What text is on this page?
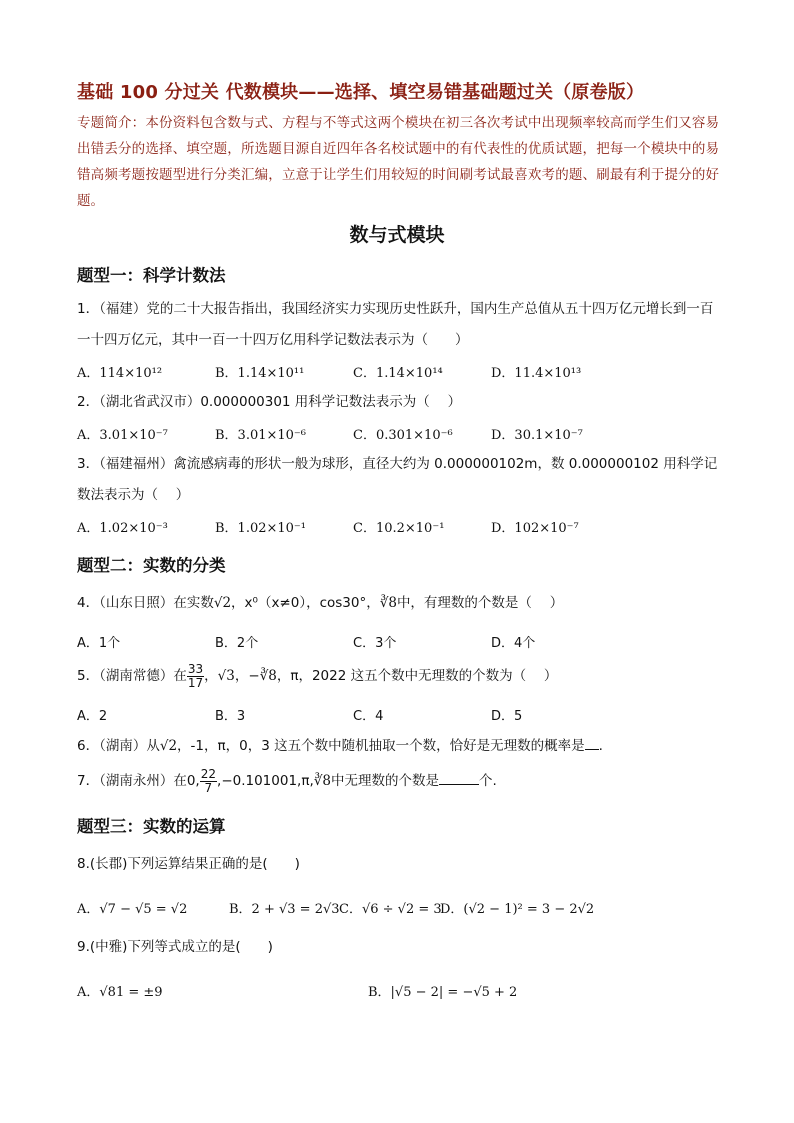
基础 100 分过关 代数模块——选择、填空易错基础题过关（原卷版）
专题简介：本份资料包含数与式、方程与不等式这两个模块在初三各次考试中出现频率较高而学生们又容易出错丢分的选择、填空题，所选题目源自近四年各名校试题中的有代表性的优质试题，把每一个模块中的易错高频考题按题型进行分类汇编，立意于让学生们用较短的时间刷考试最喜欢考的题、刷最有利于提分的好题。
数与式模块
题型一：科学计数法
1．（福建）党的二十大报告指出，我国经济实力实现历史性跃升，国内生产总值从五十四万亿元增长到一百一十四万亿元，其中一百一十四万亿用科学记数法表示为（　　）
A．114×10¹²	B．1.14×10¹¹	C．1.14×10¹⁴	D．11.4×10¹³
2．（湖北省武汉市）0.000000301 用科学记数法表示为（　 ）
A．3.01×10⁻⁷	B．3.01×10⁻⁶	C．0.301×10⁻⁶	D．30.1×10⁻⁷
3．（福建福州）禽流感病毒的形状一般为球形，直径大约为 0.000000102m，数 0.000000102 用科学记数法表示为（　 ）
A．1.02×10⁻³	B．1.02×10⁻¹	C．10.2×10⁻¹	D．102×10⁻⁷
题型二：实数的分类
4．（山东日照）在实数√2，x⁰（x≠0），cos30°，∛8中，有理数的个数是（　 ）
A．1个	B．2个	C．3个	D．4个
5．（湖南常德）在 $\frac{33}{17}$ ，√3，−∛8，π，2022 这五个数中无理数的个数为（　 ）
A．2	B．3	C．4	D．5
6．（湖南）从√2，-1，π，0，3 这五个数中随机抽取一个数，恰好是无理数的概率是 .
7．（湖南永州）在0, $\frac{22}{7}$ ,−0.101001,π,∛8中无理数的个数是	个.
题型三：实数的运算
8.(长郡)下列运算结果正确的是(　　)
A．√7 − √5 = √2	B．2 + √3 = 2√3 C．√6 ÷ √2 = 3
D．(√2 − 1)² = 3 − 2√2
9.(中雅)下列等式成立的是(　　)
A．√81 = ±9	B．|√5 − 2| = −√5 + 2
